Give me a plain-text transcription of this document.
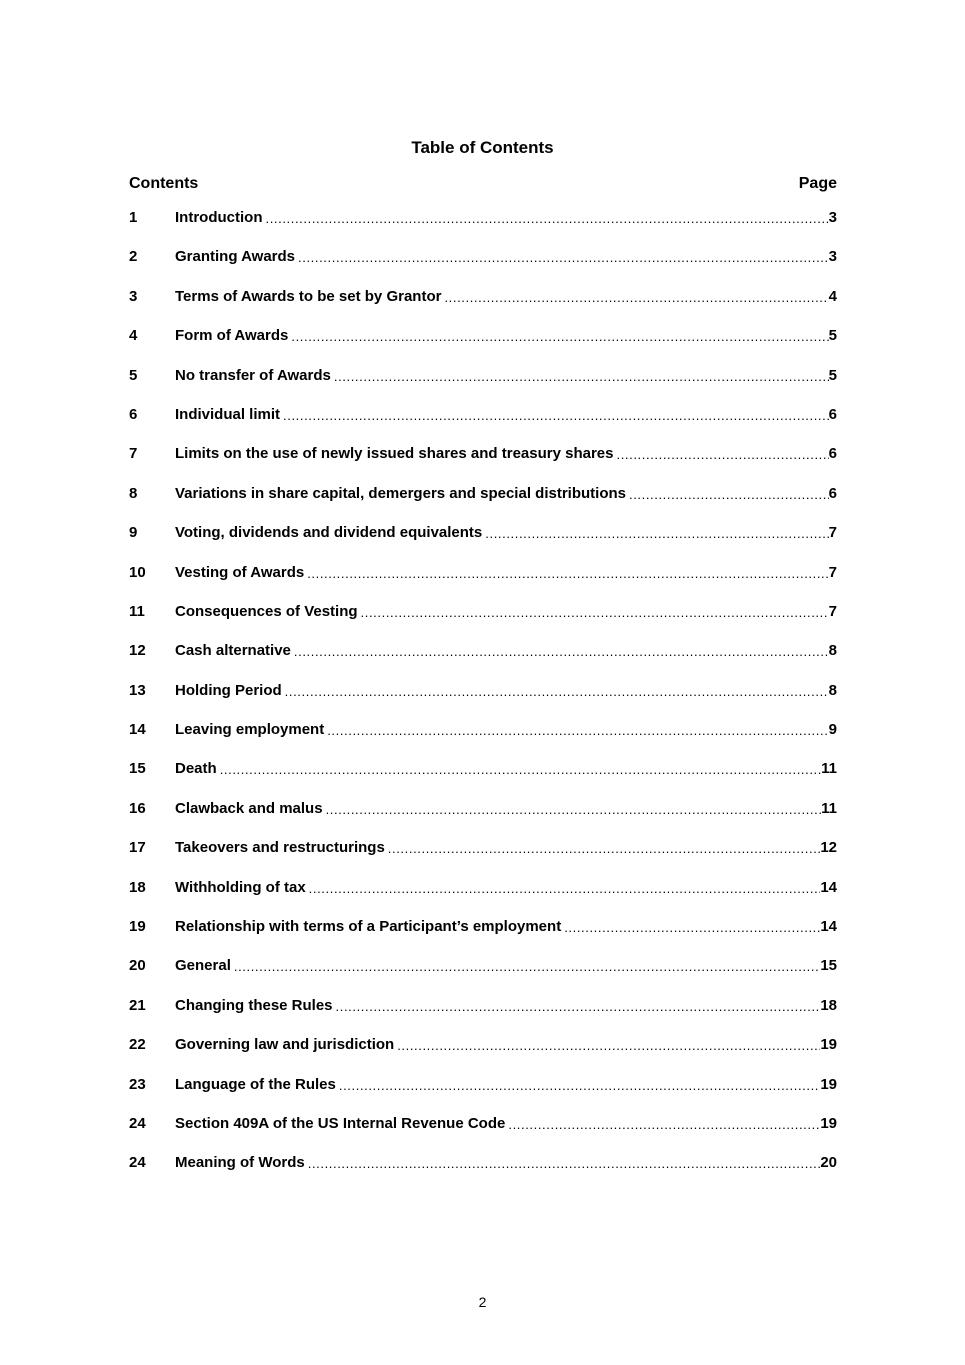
Table of Contents
Contents	Page
1	Introduction .....	3
2	Granting Awards .....	3
3	Terms of Awards to be set by Grantor .....	4
4	Form of Awards .....	5
5	No transfer of Awards .....	5
6	Individual limit .....	6
7	Limits on the use of newly issued shares and treasury shares .....	6
8	Variations in share capital, demergers and special distributions .....	6
9	Voting, dividends and dividend equivalents .....	7
10	Vesting of Awards .....	7
11	Consequences of Vesting .....	7
12	Cash alternative .....	8
13	Holding Period .....	8
14	Leaving employment .....	9
15	Death .....	11
16	Clawback and malus .....	11
17	Takeovers and restructurings .....	12
18	Withholding of tax .....	14
19	Relationship with terms of a Participant’s employment .....	14
20	General .....	15
21	Changing these Rules .....	18
22	Governing law and jurisdiction .....	19
23	Language of the Rules .....	19
24	Section 409A of the US Internal Revenue Code .....	19
24	Meaning of Words .....	20
2
